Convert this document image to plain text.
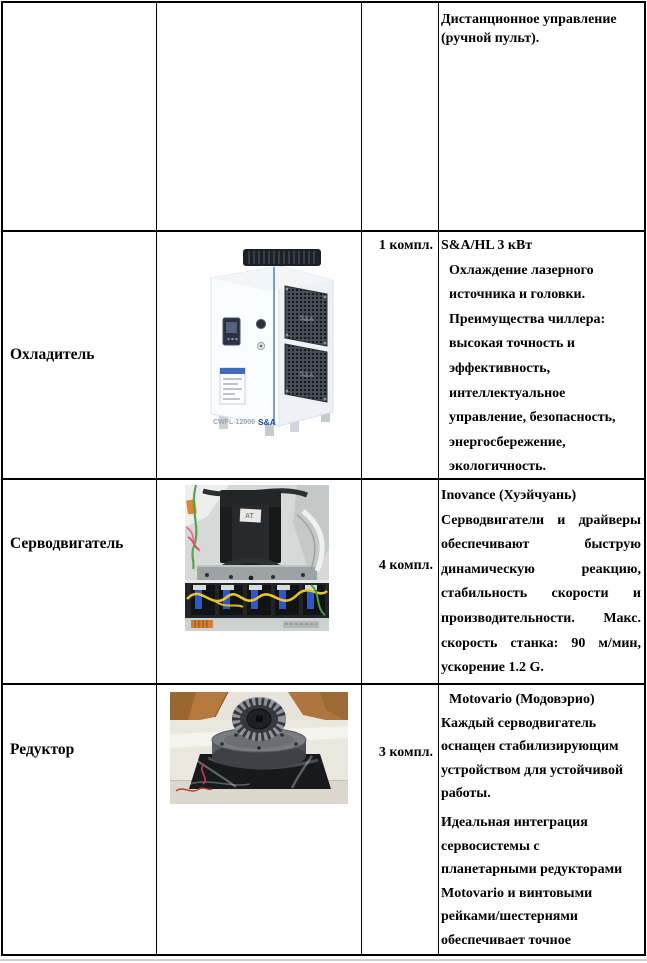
Дистанционное управление (ручной пульт).
Охладитель
CWFL-12000 S&A
S&A
S&A
1 компл. S&A/HL 3 кВт
Охлаждение лазерного
источника и головки.
Преимущества чиллера:
высокая точность и
эффективность,
интеллектуальное
управление, безопасность,
энергосбережение,
экологичность.
Серводвигатель
AT
4 компл.
Inovance (Хуэйчуань)
Серводвигатели и драйверы
обеспечивают быструю
динамическую реакцию,
стабильность скорости и
производительности. Макс.
скорость станка: 90 м/мин,
ускорение 1.2 G.
Редуктор	3 компл.
Motovario (Модовэрио)
Каждый серводвигатель
оснащен стабилизирующим
устройством для устойчивой
работы.
Идеальная интеграция
сервосистемы с
планетарными редукторами
Motovario и винтовыми
рейками/шестернями
обеспечивает точное
